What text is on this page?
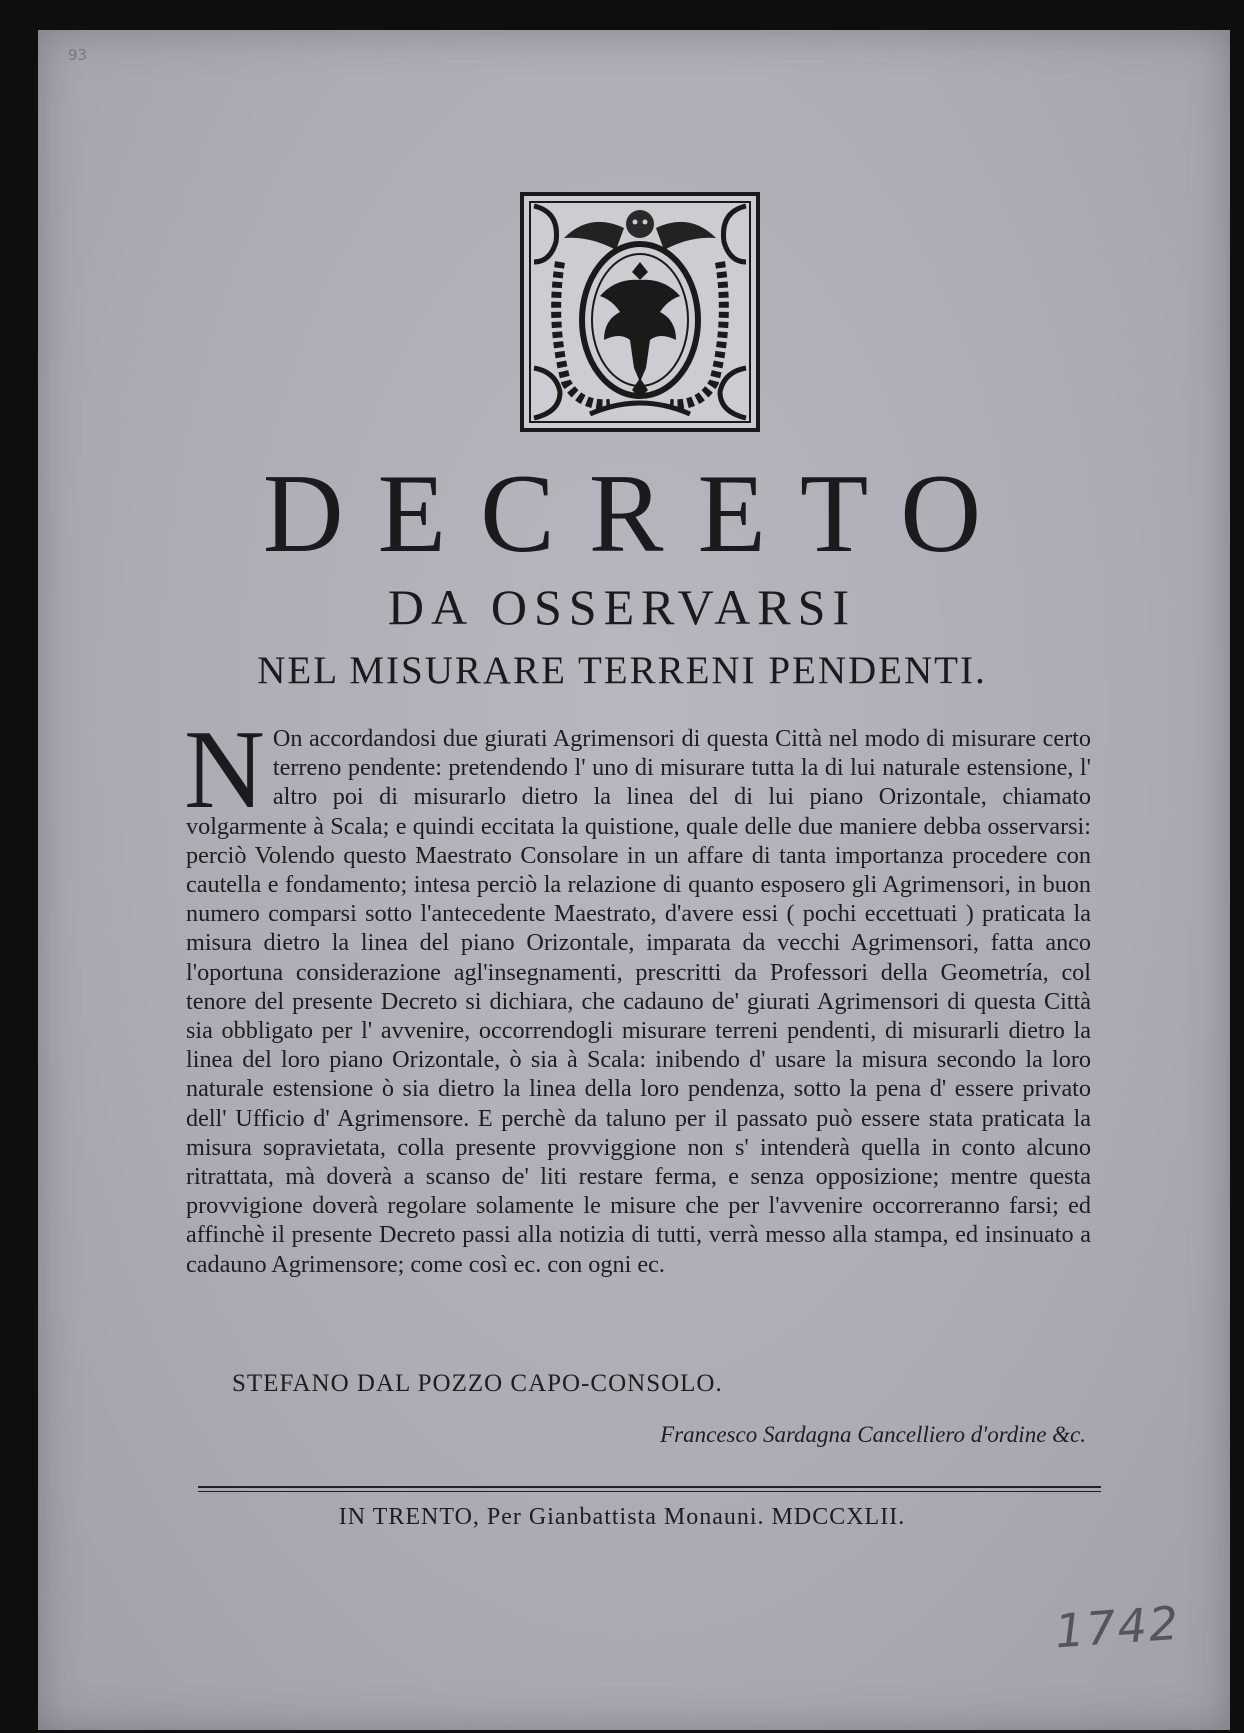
93
DECRETO
DA OSSERVARSI
NEL MISURARE TERRENI PENDENTI.
N On accordandosi due giurati Agrimensori di questa Città nel modo di misurare certo terreno pendente: pretendendo l' uno di misurare tutta la di lui naturale estensione, l' altro poi di misurarlo dietro la linea del di lui piano Orizontale, chiamato volgarmente à Scala; e quindi eccitata la quistione, quale delle due maniere debba osservarsi: perciò Volendo questo Maestrato Consolare in un affare di tanta importanza procedere con cautella e fondamento; intesa perciò la relazione di quanto esposero gli Agrimensori, in buon numero comparsi sotto l'antecedente Maestrato, d'avere essi ( pochi eccettuati ) praticata la misura dietro la linea del piano Orizontale, imparata da vecchi Agrimensori, fatta anco l'oportuna considerazione agl'insegnamenti, prescritti da Professori della Geometría, col tenore del presente Decreto si dichiara, che cadauno de' giurati Agrimensori di questa Città sia obbligato per l' avvenire, occorrendogli misurare terreni pendenti, di misurarli dietro la linea del loro piano Orizontale, ò sia à Scala: inibendo d' usare la misura secondo la loro naturale estensione ò sia dietro la linea della loro pendenza, sotto la pena d' essere privato dell' Ufficio d' Agrimensore. E perchè da taluno per il passato può essere stata praticata la misura sopravietata, colla presente provviggione non s' intenderà quella in conto alcuno ritrattata, mà doverà a scanso de' liti restare ferma, e senza opposizione; mentre questa provvigione doverà regolare solamente le misure che per l'avvenire occorreranno farsi; ed affinchè il presente Decreto passi alla notizia di tutti, verrà messo alla stampa, ed insinuato a cadauno Agrimensore; come così ec. con ogni ec.
STEFANO DAL POZZO CAPO-CONSOLO.
Francesco Sardagna Cancelliero d'ordine &c.
IN TRENTO, Per Gianbattista Monauni. MDCCXLII.
1742
